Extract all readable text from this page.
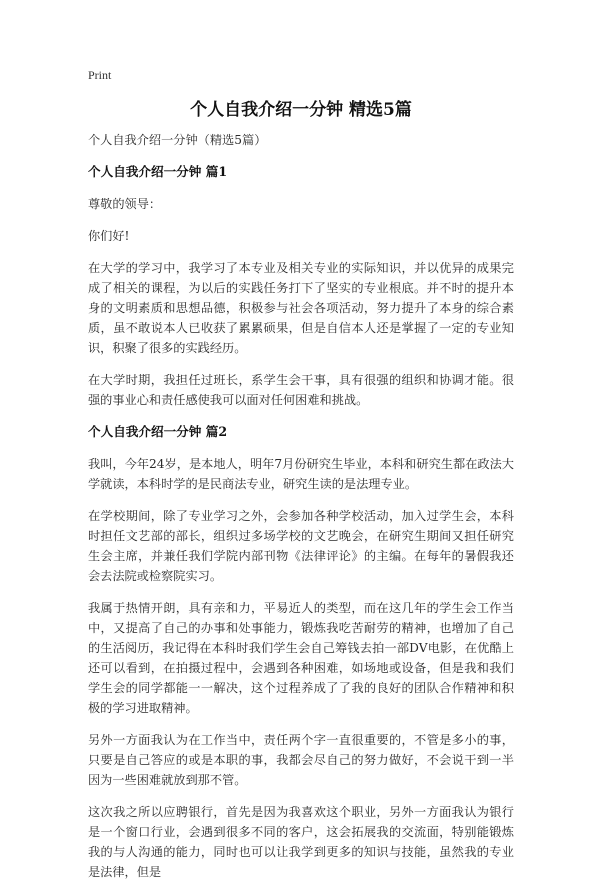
Print
个人自我介绍一分钟 精选5篇

个人自我介绍一分钟（精选5篇）

个人自我介绍一分钟 篇1

尊敬的领导：

你们好!

在大学的学习中，我学习了本专业及相关专业的实际知识，并以优异的成果完成了相关的课程，为以后的实践任务打下了坚实的专业根底。并不时的提升本身的文明素质和思想品德，积极参与社会各项活动，努力提升了本身的综合素质，虽不敢说本人已收获了累累硕果，但是自信本人还是掌握了一定的专业知识，积聚了很多的实践经历。

在大学时期，我担任过班长，系学生会干事，具有很强的组织和协调才能。很强的事业心和责任感使我可以面对任何困难和挑战。

个人自我介绍一分钟 篇2

我叫，今年24岁，是本地人，明年7月份研究生毕业，本科和研究生都在政法大学就读，本科时学的是民商法专业，研究生读的是法理专业。

在学校期间，除了专业学习之外，会参加各种学校活动，加入过学生会，本科时担任文艺部的部长，组织过多场学校的文艺晚会，在研究生期间又担任研究生会主席，并兼任我们学院内部刊物《法律评论》的主编。在每年的暑假我还会去法院或检察院实习。

我属于热情开朗，具有亲和力，平易近人的类型，而在这几年的学生会工作当中，又提高了自己的办事和处事能力，锻炼我吃苦耐劳的精神，也增加了自己的生活阅历，我记得在本科时我们学生会自己筹钱去拍一部DV电影，在优酷上还可以看到，在拍摄过程中，会遇到各种困难，如场地或设备，但是我和我们学生会的同学都能一一解决，这个过程养成了了我的良好的团队合作精神和积极的学习进取精神。

另外一方面我认为在工作当中，责任两个字一直很重要的，不管是多小的事，只要是自己答应的或是本职的事，我都会尽自己的努力做好，不会说干到一半因为一些困难就放到那不管。

这次我之所以应聘银行，首先是因为我喜欢这个职业，另外一方面我认为银行是一个窗口行业，会遇到很多不同的客户，这会拓展我的交流面，特别能锻炼我的与人沟通的能力，同时也可以让我学到更多的知识与技能，虽然我的专业是法律，但是
